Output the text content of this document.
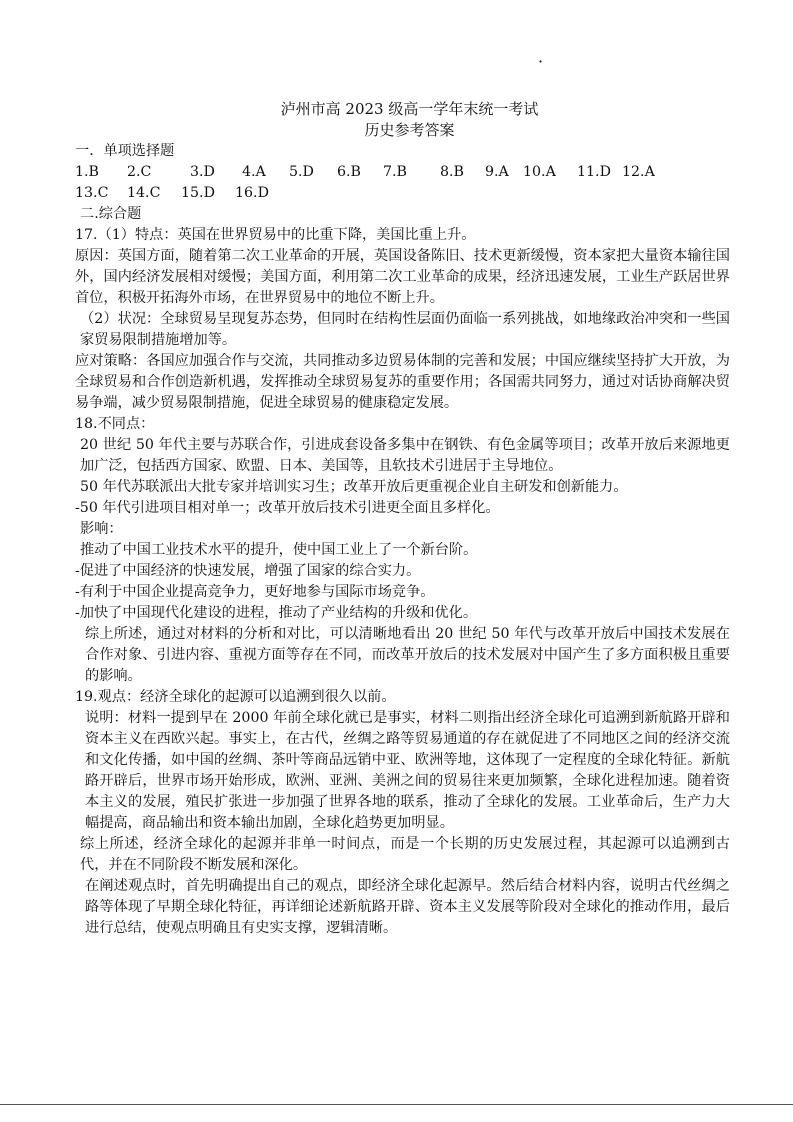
·
泸州市高 2023 级高一学年末统一考试
历史参考答案

一．单项选择题

1.B	2.C	3.D	4.A	5.D	6.B	7.B	8.B	9.A	10.A	11.D 12.A
13.C	14.C	15.D	16.D

二.综合题

17.（1）特点：英国在世界贸易中的比重下降，美国比重上升。

原因：英国方面，随着第二次工业革命的开展，英国设备陈旧、技术更新缓慢，资本家把大量资本输往国外，国内经济发展相对缓慢；美国方面，利用第二次工业革命的成果，经济迅速发展，工业生产跃居世界首位，积极开拓海外市场，在世界贸易中的地位不断上升。

（2）状况：全球贸易呈现复苏态势，但同时在结构性层面仍面临一系列挑战，如地缘政治冲突和一些国家贸易限制措施增加等。

应对策略：各国应加强合作与交流，共同推动多边贸易体制的完善和发展；中国应继续坚持扩大开放，为全球贸易和合作创造新机遇，发挥推动全球贸易复苏的重要作用；各国需共同努力，通过对话协商解决贸易争端，减少贸易限制措施，促进全球贸易的健康稳定发展。

18.不同点：

20 世纪 50 年代主要与苏联合作，引进成套设备多集中在钢铁、有色金属等项目；改革开放后来源地更加广泛，包括西方国家、欧盟、日本、美国等，且软技术引进居于主导地位。

50 年代苏联派出大批专家并培训实习生；改革开放后更重视企业自主研发和创新能力。

-50 年代引进项目相对单一；改革开放后技术引进更全面且多样化。

影响：

推动了中国工业技术水平的提升，使中国工业上了一个新台阶。

-促进了中国经济的快速发展，增强了国家的综合实力。

-有利于中国企业提高竞争力，更好地参与国际市场竞争。

-加快了中国现代化建设的进程，推动了产业结构的升级和优化。

综上所述，通过对材料的分析和对比，可以清晰地看出 20 世纪 50 年代与改革开放后中国技术发展在合作对象、引进内容、重视方面等存在不同，而改革开放后的技术发展对中国产生了多方面积极且重要的影响。

19.观点：经济全球化的起源可以追溯到很久以前。

说明：材料一提到早在 2000 年前全球化就已是事实，材料二则指出经济全球化可追溯到新航路开辟和资本主义在西欧兴起。事实上，在古代，丝绸之路等贸易通道的存在就促进了不同地区之间的经济交流和文化传播，如中国的丝绸、茶叶等商品远销中亚、欧洲等地，这体现了一定程度的全球化特征。新航路开辟后，世界市场开始形成，欧洲、亚洲、美洲之间的贸易往来更加频繁，全球化进程加速。随着资本主义的发展，殖民扩张进一步加强了世界各地的联系，推动了全球化的发展。工业革命后，生产力大幅提高，商品输出和资本输出加剧，全球化趋势更加明显。

综上所述，经济全球化的起源并非单一时间点，而是一个长期的历史发展过程，其起源可以追溯到古代，并在不同阶段不断发展和深化。

在阐述观点时，首先明确提出自己的观点，即经济全球化起源早。然后结合材料内容，说明古代丝绸之路等体现了早期全球化特征，再详细论述新航路开辟、资本主义发展等阶段对全球化的推动作用，最后进行总结，使观点明确且有史实支撑，逻辑清晰。
